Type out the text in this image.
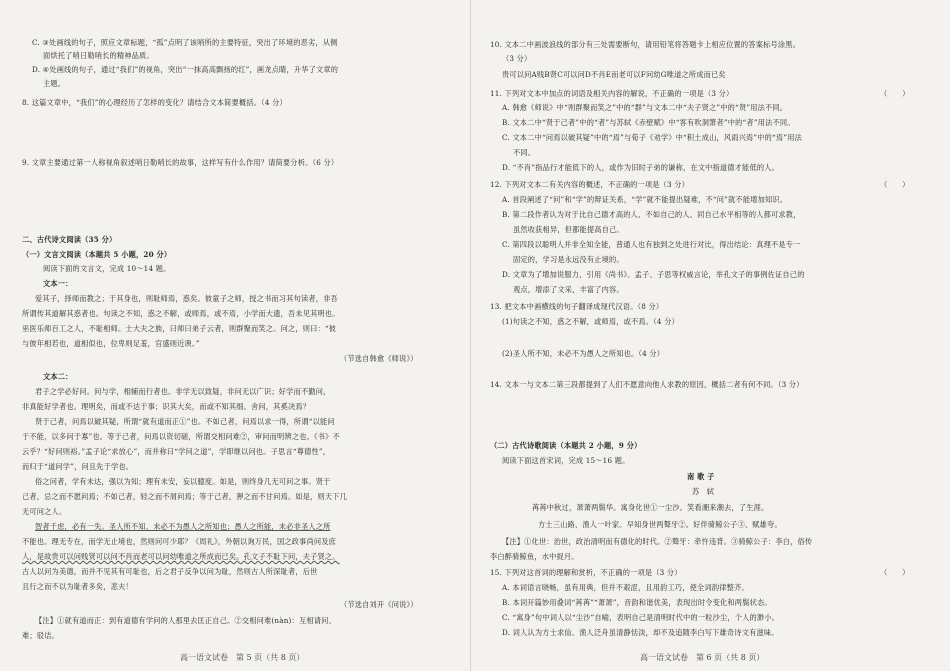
C. ③处画线的句子，照应文章标题，“孤”点明了该哨所的主要特征，突出了环境的恶劣，从侧
面烘托了哨日勒哨长的精神品质。
D. ④处画线的句子，通过“我们”的视角，突出“一抹高高飘扬的红”，画龙点睛，升华了文章的
主题。
8. 这篇文章中，“我们”的心理经历了怎样的变化？请结合文本简要概括。（4 分）
9. 文章主要通过第一人称视角叙述哨日勒哨长的故事，这样写有什么作用？请简要分析。（6 分）
二、古代诗文阅读（35 分）
（一）文言文阅读（本题共 5 小题，20 分）
阅读下面的文言文，完成 10～14 题。
文本一：
爱其子，择师而教之；于其身也，则耻师焉，惑矣。彼童子之师，授之书而习其句读者，非吾
所谓传其道解其惑者也。句读之不知，惑之不解，或师焉，或不焉，小学而大遗，吾未见其明也。
巫医乐师百工之人，不耻相师。士大夫之族，曰师曰弟子云者，则群聚而笑之。问之，则曰：“彼
与彼年相若也，道相似也，位卑则足羞，官盛则近谀。”
（节选自韩愈《师说》）
文本二：
君子之学必好问。问与学，相辅而行者也。非学无以致疑，非问无以广识；好学而不勤问，
非真能好学者也。理明矣，而或不达于事；识其大矣，而或不知其细。舍问，其奚决焉？
贤于己者，问焉以破其疑，所谓“就有道而正①”也。不如己者，问焉以求一得，所谓“以能问
于不能，以多问于寡”也。等于己者，问焉以资切磋，所谓交相问难②，审问而明辨之也。《书》不
云乎？“好问则裕。”孟子论“求放心”，而并称曰“学问之道”，学即继以问也。子思言“尊德性”，
而归于“道问学”，问且先于学也。
俗之问者，学有未达，强以为知；理有未安，妄以臆度。如是，则终身几无可问之事。贤于
己者，忌之而不愿问焉；不如己者，轻之而不屑问焉；等于己者，狎之而不甘问焉。如是，则天下几
无可问之人。
智者千虑，必有一失。圣人所不知，未必不为愚人之所知也；愚人之所能，未必非圣人之所
不能也。理无专在，而学无止境也，然则问可少耶？《周礼》，外朝以询万民，国之政事尚问及庶
人，是故贵可以问贱贤可以问不肖而老可以问幼唯道之所成而已矣。孔文子不耻下问，夫子贤之。
古人以问为美德，而并不见其有可耻也，后之君子反争以问为耻，然则古人所深耻者，后世
且行之而不以为耻者多矣，悲夫！
（节选自刘开《问说》）
【注】①就有道而正：到有道德有学问的人那里去匡正自己。②交相问难(nàn)：互相请问、
难；驳诘。
高一语文试卷　第 5 页（共 8 页）
10. 文本二中画波浪线的部分有三处需要断句，请用铅笔将答题卡上相应位置的答案标号涂黑。
（3 分）
贵可以问A贱B贤C可以问D不肖E而老可以F问幼G唯道之所成而已矣
11. 下列对文本中加点的词语及相关内容的解说，不正确的一项是（3 分）	（　　）
A. 韩愈《师说》中“则群聚而笑之”中的“群”与文本二中“夫子贤之”中的“贤”用法不同。
B. 文本二中“贤于己者”中的“者”与苏轼《赤壁赋》中“客有吹洞箫者”中的“者”用法不同。
C. 文本二中“问焉以破其疑”中的“焉”与荀子《劝学》中“积土成山，风雨兴焉”中的“焉”用法
不同。
D. “不肖”指品行才能低下的人，或作为旧时子弟的谦称，在文中指道德才能低的人。
12. 下列对文本二有关内容的概述，不正确的一项是（3 分）	（　　）
A. 首段阐述了“问”和“学”的辩证关系，“学”就不能提出疑难，不“问”就不能增加知识。
B. 第二段作者认为对于比自己德才高的人、不如自己的人、同自己水平相等的人都可求教，
虽然收获相异，但都能提高自己。
C. 第四段以聪明人并非全知全能，普通人也有独到之处进行对比，得出结论：真理不是专一
固定的，学习是永远没有止境的。
D. 文章为了增加说服力，引用《尚书》、孟子、子思等权威言论，举孔文子的事例佐证自己的
观点，增添了文采，丰富了内容。
13. 把文本中画横线的句子翻译成现代汉语。（8 分）
(1)句读之不知，惑之不解，或师焉，或不焉。（4 分）
(2)圣人所不知，未必不为愚人之所知也。（4 分）
14. 文本一与文本二第三段都提到了人们不愿意向他人求教的原因，概括二者有何不同。（3 分）
（二）古代诗歌阅读（本题共 2 小题，9 分）
阅读下面这首宋词，完成 15～16 题。
南 歌 子
苏　轼
苒苒中秋过，萧萧两鬓华。寓身化世①一尘沙。笑看潮来潮去，了生涯。
方士三山路，渔人一叶家。早知身世两聱牙②。好伴骑鲸公子③、赋雄夸。
【注】①化世：治世，政治清明而有德化的时代。②聱牙：牵忤违背。③骑鲸公子：李白，俗传
李白醉骑鲸鱼，水中捉月。
15. 下列对这首词的理解和赏析，不正确的一项是（3 分）	（　　）
A. 本词语言晓畅，虽有用典，但并不艰涩，且用韵工巧，使全词韵律整齐。
B. 本词开篇妙用叠词“苒苒”“萧萧”，音韵和谐优美，表现出时令变化和两鬓状态。
C. “寓身”句中词人以“尘沙”自喻，表明自己是清明时代中的一粒沙尘，个人的渺小。
D. 词人认为方士求仙、渔人泛舟虽清静恬淡，却不及追随李白写下雄奇诗文有滋味。
高一语文试卷　第 6 页（共 8 页）
